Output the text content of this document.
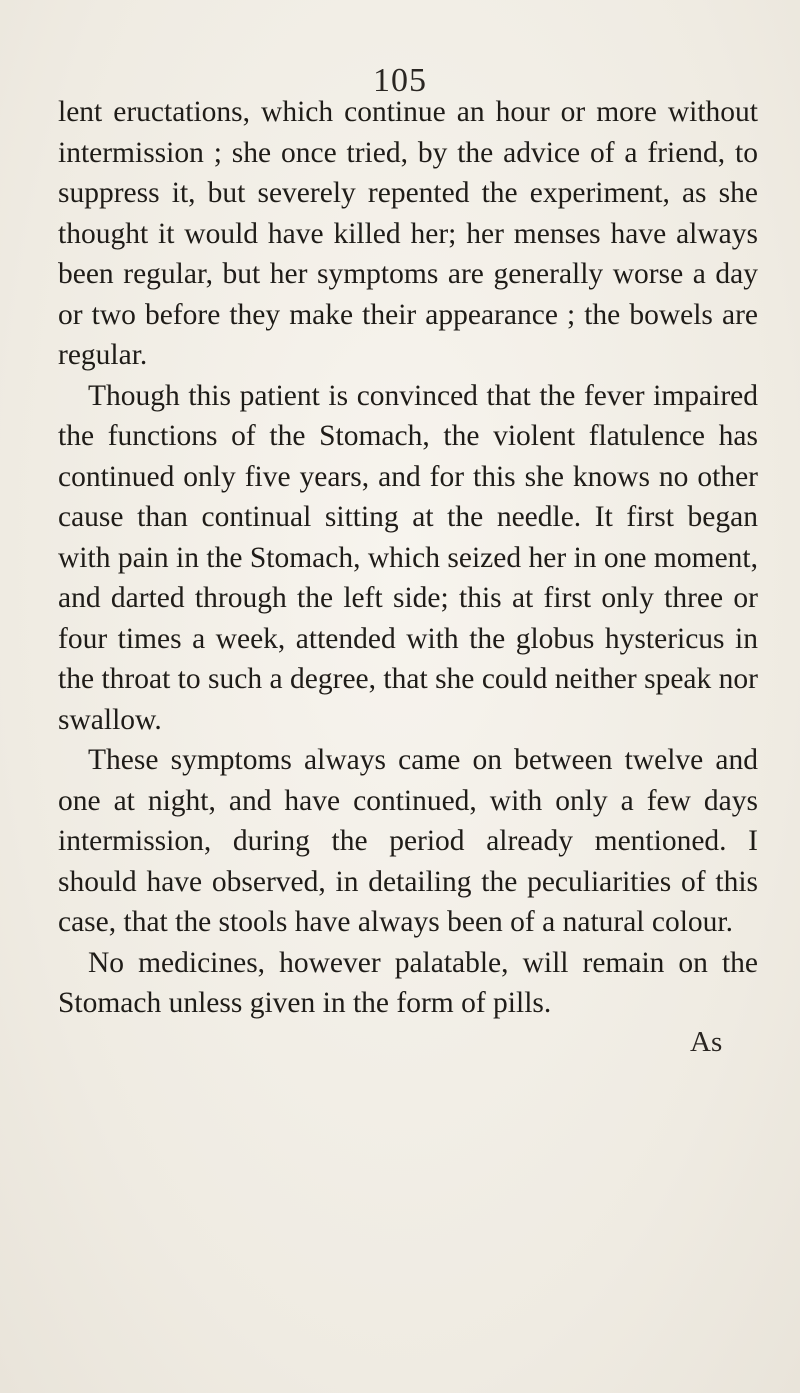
105

lent eructations, which continue an hour or more without intermission ; she once tried, by the advice of a friend, to suppress it, but severely repented the experiment, as she thought it would have killed her; her menses have always been regular, but her symptoms are generally worse a day or two before they make their appearance ; the bowels are regular.

Though this patient is convinced that the fever impaired the functions of the Stomach, the violent flatulence has continued only five years, and for this she knows no other cause than continual sitting at the needle. It first began with pain in the Stomach, which seized her in one moment, and darted through the left side; this at first only three or four times a week, attended with the globus hystericus in the throat to such a degree, that she could neither speak nor swallow.

These symptoms always came on between twelve and one at night, and have continued, with only a few days intermission, during the period already mentioned. I should have observed, in detailing the peculiarities of this case, that the stools have always been of a natural colour.

No medicines, however palatable, will remain on the Stomach unless given in the form of pills.

As
